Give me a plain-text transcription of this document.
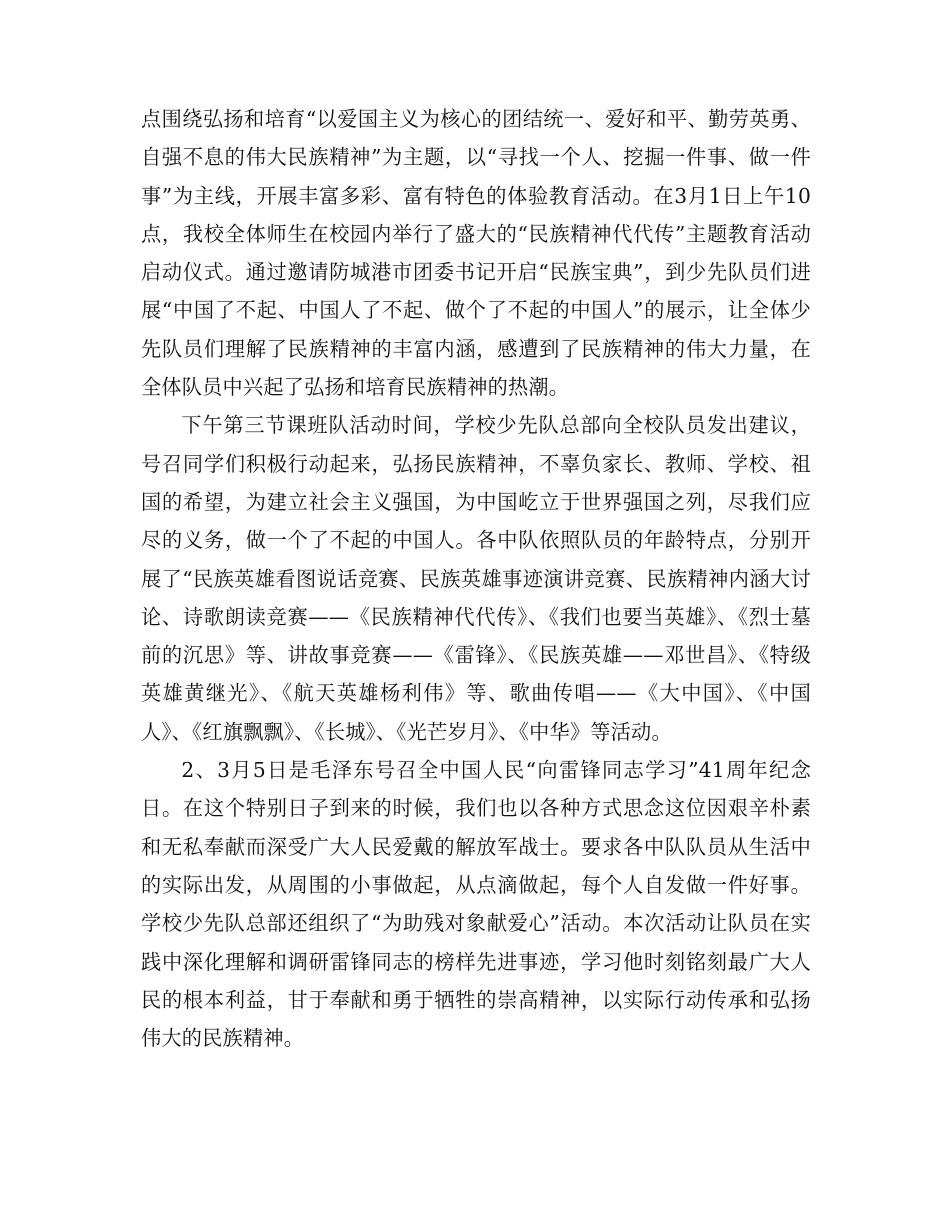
点围绕弘扬和培育“以爱国主义为核心的团结统一、爱好和平、勤劳英勇、自强不息的伟大民族精神”为主题，以“寻找一个人、挖掘一件事、做一件事”为主线，开展丰富多彩、富有特色的体验教育活动。在3月1日上午10点，我校全体师生在校园内举行了盛大的“民族精神代代传”主题教育活动启动仪式。通过邀请防城港市团委书记开启“民族宝典”，到少先队员们进展“中国了不起、中国人了不起、做个了不起的中国人”的展示，让全体少先队员们理解了民族精神的丰富内涵，感遭到了民族精神的伟大力量，在全体队员中兴起了弘扬和培育民族精神的热潮。

下午第三节课班队活动时间，学校少先队总部向全校队员发出建议，号召同学们积极行动起来，弘扬民族精神，不辜负家长、教师、学校、祖国的希望，为建立社会主义强国，为中国屹立于世界强国之列，尽我们应尽的义务，做一个了不起的中国人。各中队依照队员的年龄特点，分别开展了“民族英雄看图说话竞赛、民族英雄事迹演讲竞赛、民族精神内涵大讨论、诗歌朗读竞赛——《民族精神代代传》、《我们也要当英雄》、《烈士墓前的沉思》等、讲故事竞赛——《雷锋》、《民族英雄——邓世昌》、《特级英雄黄继光》、《航天英雄杨利伟》等、歌曲传唱——《大中国》、《中国人》、《红旗飘飘》、《长城》、《光芒岁月》、《中华》等活动。

2、3月5日是毛泽东号召全中国人民“向雷锋同志学习”41周年纪念日。在这个特别日子到来的时候，我们也以各种方式思念这位因艰辛朴素和无私奉献而深受广大人民爱戴的解放军战士。要求各中队队员从生活中的实际出发，从周围的小事做起，从点滴做起，每个人自发做一件好事。学校少先队总部还组织了“为助残对象献爱心”活动。本次活动让队员在实践中深化理解和调研雷锋同志的榜样先进事迹，学习他时刻铭刻最广大人民的根本利益，甘于奉献和勇于牺牲的崇高精神，以实际行动传承和弘扬伟大的民族精神。
